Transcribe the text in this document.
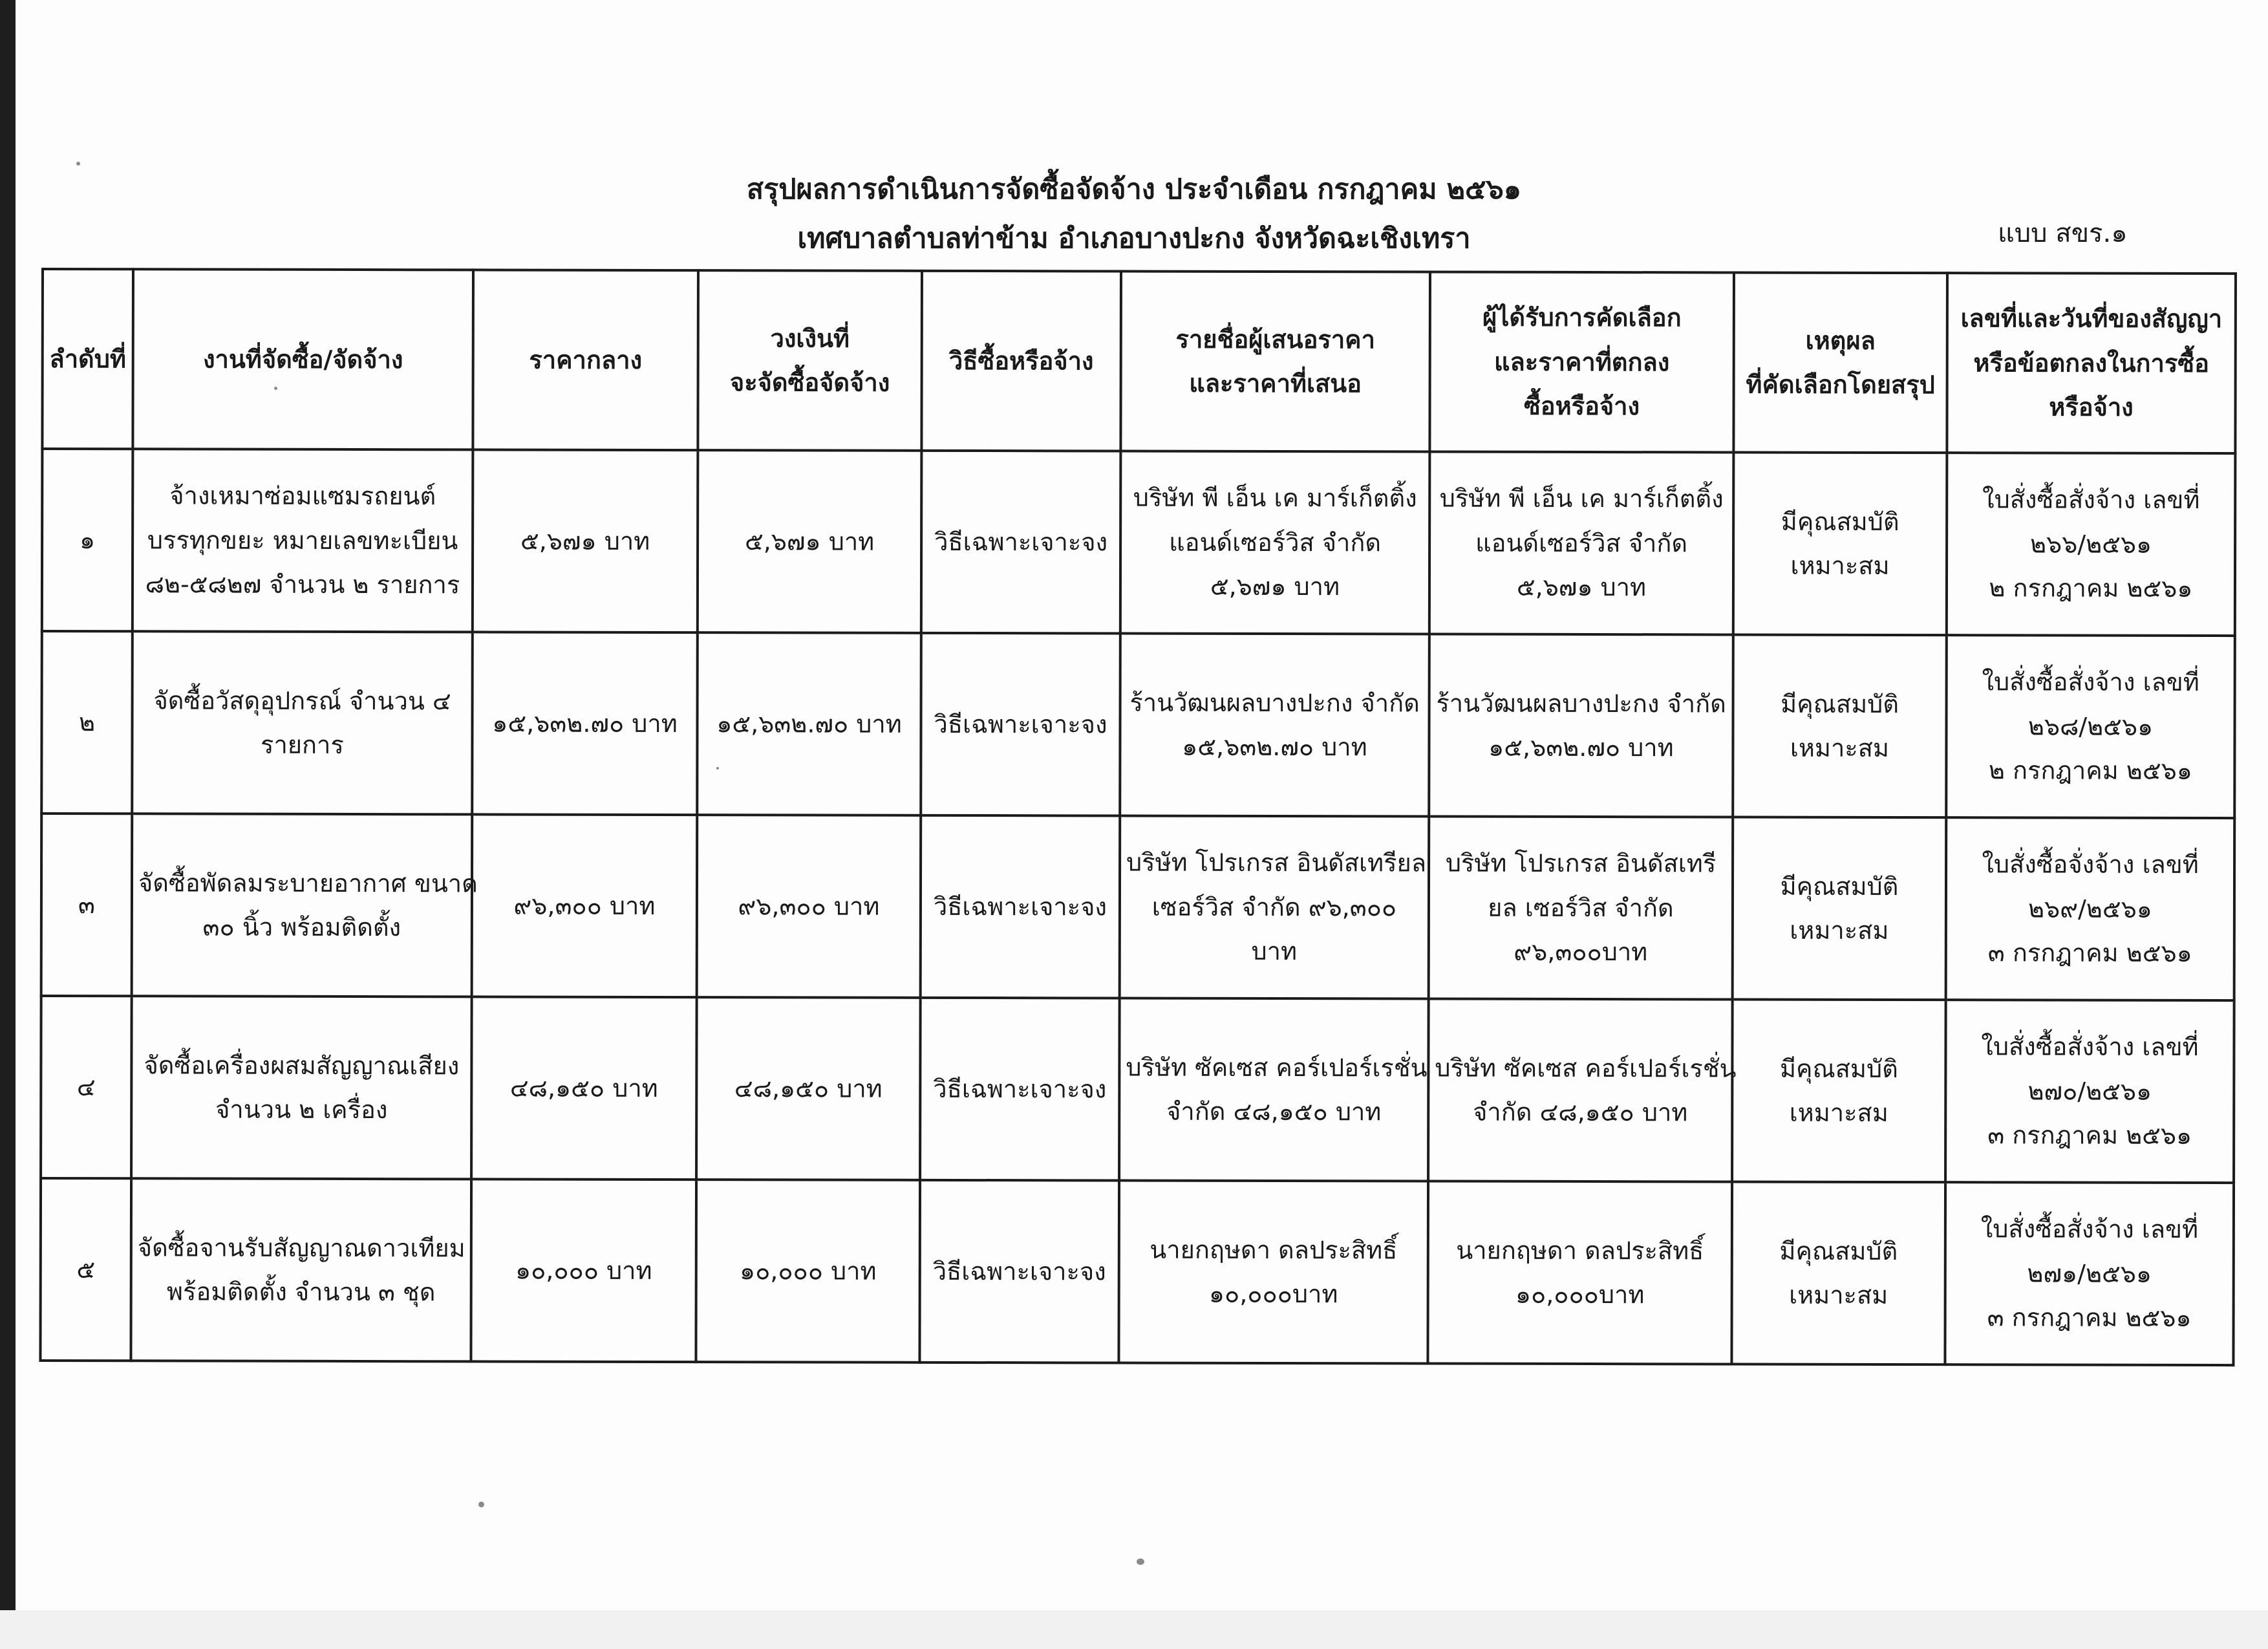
สรุปผลการดำเนินการจัดซื้อจัดจ้าง ประจำเดือน กรกฎาคม ๒๕๖๑
เทศบาลตำบลท่าข้าม อำเภอบางปะกง จังหวัดฉะเชิงเทรา	แบบ สขร.๑
ลำดับที่	งานที่จัดซื้อ/จัดจ้าง	ราคากลาง	วงเงินที่
จะจัดซื้อจัดจ้าง	วิธีซื้อหรือจ้าง	รายชื่อผู้เสนอราคา
และราคาที่เสนอ	ผู้ได้รับการคัดเลือก
และราคาที่ตกลง
ซื้อหรือจ้าง	เหตุผล
ที่คัดเลือกโดยสรุป	เลขที่และวันที่ของสัญญา
หรือข้อตกลงในการซื้อ
หรือจ้าง

๑	จ้างเหมาซ่อมแซมรถยนต์
บรรทุกขยะ หมายเลขทะเบียน
๘๒-๕๘๒๗ จำนวน ๒ รายการ	๕,๖๗๑ บาท	๕,๖๗๑ บาท	วิธีเฉพาะเจาะจง	บริษัท พี เอ็น เค มาร์เก็ตติ้ง
แอนด์เซอร์วิส จำกัด
๕,๖๗๑ บาท	บริษัท พี เอ็น เค มาร์เก็ตติ้ง
แอนด์เซอร์วิส จำกัด
๕,๖๗๑ บาท	มีคุณสมบัติ
เหมาะสม	ใบสั่งซื้อสั่งจ้าง เลขที่
๒๖๖/๒๕๖๑
๒ กรกฎาคม ๒๕๖๑

๒	จัดซื้อวัสดุอุปกรณ์ จำนวน ๔
รายการ	๑๕,๖๓๒.๗๐ บาท	๑๕,๖๓๒.๗๐ บาท	วิธีเฉพาะเจาะจง	ร้านวัฒนผลบางปะกง จำกัด
๑๕,๖๓๒.๗๐ บาท	ร้านวัฒนผลบางปะกง จำกัด
๑๕,๖๓๒.๗๐ บาท	มีคุณสมบัติ
เหมาะสม	ใบสั่งซื้อสั่งจ้าง เลขที่
๒๖๘/๒๕๖๑
๒ กรกฎาคม ๒๕๖๑

๓	จัดซื้อพัดลมระบายอากาศ ขนาด
๓๐ นิ้ว พร้อมติดตั้ง	๙๖,๓๐๐ บาท	๙๖,๓๐๐ บาท	วิธีเฉพาะเจาะจง	บริษัท โปรเกรส อินดัสเทรียล
เซอร์วิส จำกัด ๙๖,๓๐๐
บาท	บริษัท โปรเกรส อินดัสเทรี
ยล เซอร์วิส จำกัด
๙๖,๓๐๐บาท	มีคุณสมบัติ
เหมาะสม	ใบสั่งซื้อจั่งจ้าง เลขที่
๒๖๙/๒๕๖๑
๓ กรกฎาคม ๒๕๖๑

๔	จัดซื้อเครื่องผสมสัญญาณเสียง
จำนวน ๒ เครื่อง	๔๘,๑๕๐ บาท	๔๘,๑๕๐ บาท	วิธีเฉพาะเจาะจง	บริษัท ซัคเซส คอร์เปอร์เรชั่น
จำกัด ๔๘,๑๕๐ บาท	บริษัท ซัคเซส คอร์เปอร์เรชั่น
จำกัด ๔๘,๑๕๐ บาท	มีคุณสมบัติ
เหมาะสม	ใบสั่งซื้อสั่งจ้าง เลขที่
๒๗๐/๒๕๖๑
๓ กรกฎาคม ๒๕๖๑

๕	จัดซื้อจานรับสัญญาณดาวเทียม
พร้อมติดตั้ง จำนวน ๓ ชุด	๑๐,๐๐๐ บาท	๑๐,๐๐๐ บาท	วิธีเฉพาะเจาะจง	นายกฤษดา ดลประสิทธิ์
๑๐,๐๐๐บาท	นายกฤษดา ดลประสิทธิ์
๑๐,๐๐๐บาท	มีคุณสมบัติ
เหมาะสม	ใบสั่งซื้อสั่งจ้าง เลขที่
๒๗๑/๒๕๖๑
๓ กรกฎาคม ๒๕๖๑
